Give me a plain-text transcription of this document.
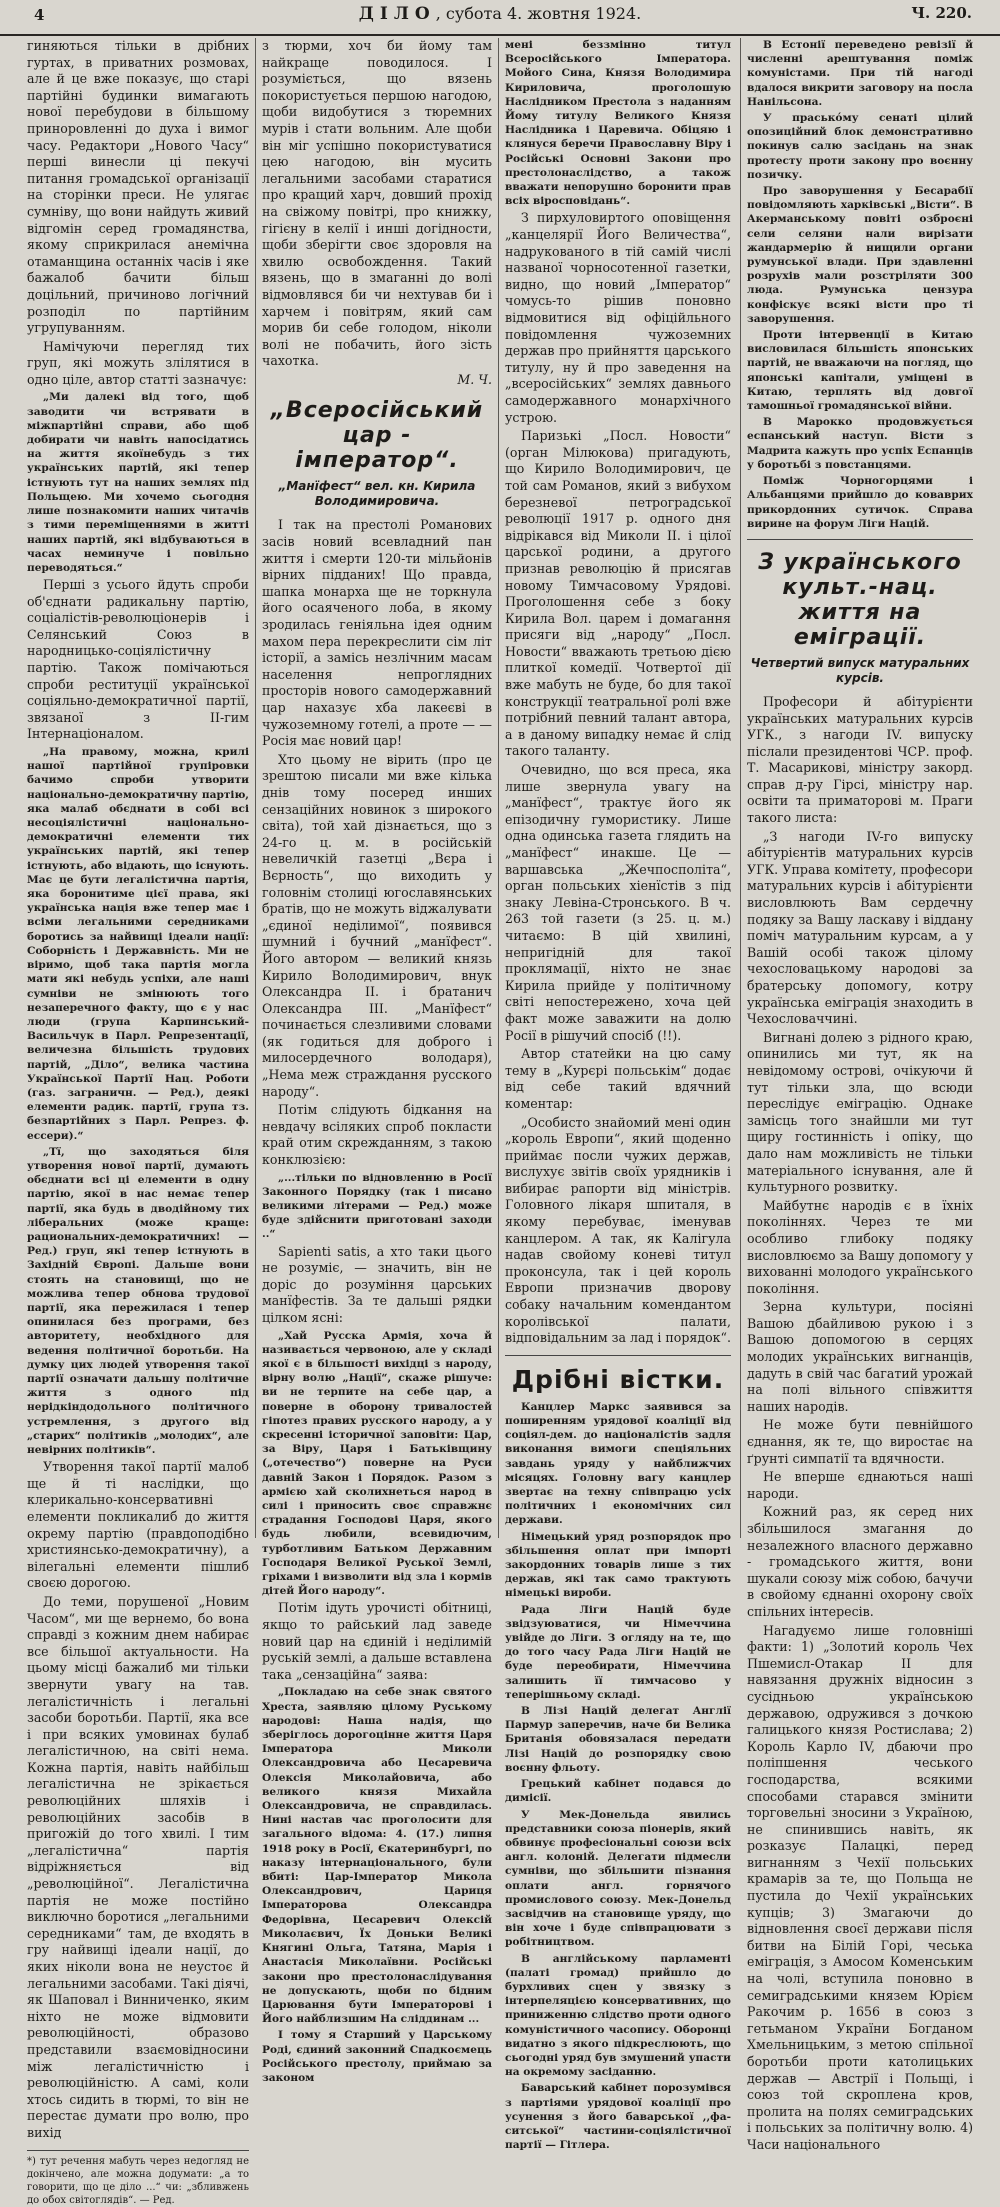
4	ДІЛО, субота 4. жовтня 1924.	Ч. 220.

гиняються тільки в дрібних гуртах, в приватних розмовах, але й це вже показує, що старі партійні будинки вимагають нової перебудови в більшому приноровленні до духа і вимог часу. Редактори „Нового Часу“ перші винесли ці пекучі питання громадської організації на сторінки преси. Не улягає сумніву, що вони найдуть живий відгомін серед громадянства, якому сприкрилася анемічна отаманщина останніх часів і яке бажалоб бачити більш доцільний, причиново логічний розподіл по партійним угрупуванням.

Намічуючи перегляд тих груп, які можуть злілятися в одно ціле, автор статті зазначує:

„Ми далекі від того, щоб заводити чи встрявати в міжпартійні справи, або щоб добирати чи навіть напосідатись на життя якоїнебудь з тих українських партій, які тепер істнують тут на наших землях під Польщею. Ми хочемо сьогодня лише познакомити наших читачів з тими переміщеннями в житті наших партій, які відбуваються в часах неминуче і повільно переводяться.“

Перші з усього йдуть спроби об'єднати радикальну партію, соціалістів-революціонерів і Селянський Союз в народницько-соціялістичну партію. Також помічаються спроби реституції української соціяльно-демократичної партії, звязаної з ІІ-гим Інтернаціоналом.

„На правому, можна, крилі нашої партійної групіровки бачимо спроби утворити національно-демократичну партію, яка малаб обєднати в собі всі несоціялістичні національно-демократичні елементи тих українських партій, які тепер істнують, або відають, що існують. Має це бути легалістична партія, яка боронитиме цієї права, які українська нація вже тепер має і всіми легальними середниками боротись за найвищі ідеали нації: Соборність і Державність. Ми не віримо, щоб така партія могла мати які небудь успіхи, але наші сумніви не змінюють того незаперечного факту, що є у нас люди (група Карпинський-Васильчук в Парл. Репрезентації, величезна більшість трудових партій, „Діло“, велика частина Української Партії Нац. Роботи (газ. заграничн. — Ред.), деякі елементи радик. партії, група тз. безпартійних з Парл. Репрез. ф. ессери).“

„Тї, що заходяться біля утворення нової партії, думають обєднати всі ці елементи в одну партію, якої в нас немає тепер партії, яка будь в дводійному тих ліберальних (може краще: рациональних-демократичних! — Ред.) груп, які тепер істнують в Західній Європі. Дальше вони стоять на становищі, що не можлива тепер обнова трудової партії, яка пережилася і тепер опинилася без програми, без авторитету, необхідного для ведення політичної боротьби. На думку цих людей утворення такої партії означати дальшу політичне життя з одного під нерідкіндодольного політичного устремлення, з другого від „старих“ політиків „молодих“, але невірних політиків“.

Утворення такої партії малоб ще й ті наслідки, що клерикально-консервативні елементи покликалиб до життя окрему партію (правдоподібно християнсько-демократичну), а вілегальні елементи пішлиб своєю дорогою.

До теми, порушеної „Новим Часом“, ми ще вернемо, бо вона справді з кожним днем набирає все більшої актуальности. На цьому місці бажалиб ми тільки звернути увагу на тав. легалістичність і легальні засоби боротьби. Партії, яка все і при всяких умовинах булаб легалістичною, на світі нема. Кожна партія, навіть найбільш легалістична не зрікається революційних шляхів і революційних засобів в пригожій до того хвилі. І тим „легалістична“ партія відріжняється від „революційної“. Легалістична партія не може постійно виключно боротися „легальними середниками“ там, де входять в гру найвищі ідеали нації, до яких ніколи вона не неустоє й легальними засобами. Такі діячі, як Шаповал і Винниченко, яким ніхто не може відмовити революційності, образово представили взаємовідносини між легалістичністю і революційністю. А самі, коли хтось сидить в тюрмі, то він не перестає думати про волю, про вихід

*) тут речення мабуть через недогляд не докінчено, але можна додумати: „а то говорити, що це діло ...“ чи: „збливжень до обох світоглядів“. — Ред.

з тюрми, хоч би йому там найкраще поводилося. І розуміється, що вязень покористується першою нагодою, щоби видобутися з тюремних мурів і стати вольним. Але щоби він міг успішно покористуватися цею нагодою, він мусить легальними засобами старатися про кращий харч, довший прохід на свіжому повітрі, про книжку, гігієну в келії і инші догідности, щоби зберігти своє здоровля на хвилю освобождення. Такий вязень, що в змаганні до волі відмовлявся би чи нехтував би і харчем і повітрям, який сам морив би себе голодом, ніколи волі не побачить, його зість чахотка.

М. Ч.
„Всеросійський цар - імператор“.
„Манїфест“ вел. кн. Кирила Володимировича.

І так на престолі Романових засів новий всевладний пан життя і смерти 120-ти мільйонів вірних підданих! Що правда, шапка монарха ще не торкнула його осаяченого лоба, в якому зродилась геніяльна ідея одним махом пера перекреслити сім літ історії, а замісь незлічним масам населення непроглядних просторів нового самодержавний цар нахазує хба лакеєві в чужоземному готелі, а проте — — Росія має новий цар!

Хто цьому не вірить (про це зрештою писали ми вже кілька днів тому посеред инших сензаційних новинок з широкого світа), той хай дізнається, що з 24-го ц. м. в російській невеличкій газетці „Вєра і Вєрность“, що виходить у головнім столиці югославянських братів, що не можуть віджалувати „єдиної неділимої“, появився шумний і бучний „манїфест“. Його автором — великий князь Кирило Володимирович, внук Олександра ІІ. і братанич Олександра ІІІ. „Манїфест“ починається слезливими словами (як годиться для доброго і милосердечного володаря), „Нема меж страждання русского народу“.

Потім слідують бідкання на невдачу всіляких спроб покласти край отим скрежданням, з такою конклюзією:

„...тільки по відновленню в Росії Законного Порядку (так і писано великими літерами — Ред.) може буде здійснити приготовані заходи ..“

Sapienti satis, а хто таки цього не розуміє, — значить, він не доріс до розуміння царських манїфестів. За те дальші рядки цілком ясні:

„Хай Русска Армія, хоча й називається червоною, але у складі якої є в більшості вихідці з народу, вірну волю „Нації“, скаже рішуче: ви не терпите на себе цар, а поверне в оборону тривалостей гіпотез правих русского народу, а у скресенні історичної заповіти: Цар, за Віру, Царя і Батьківщину („отечество“) поверне на Руси давній Закон і Порядок. Разом з армією хай сколихнеться народ в силі і приносить своє справжнє страдання Господові Царя, якого будь любили, всевидючим, турботливим Батьком Державним Господаря Великої Руської Землі, гріхами і визволити від зла і кормів дітей Його народу“.

Потім ідуть урочисті обітниці, якщо то райський лад заведе новий цар на єдиній і неділимій руській землі, а дальше вставлена така „сензаційна“ заява:

„Покладаю на себе знак святого Хреста, заявляю цілому Руському народові: Наша надія, що зберіглось дорогоцінне життя Царя Імператора Миколи Олександровича або Цесаревича Олексія Миколайовича, або великого князя Михайла Олександровича, не справдилась. Нині настав час проголосити для загального відома: 4. (17.) липня 1918 року в Росії, Єкатеринбургі, по наказу інтернаціонального, були вбиті: Цар-Імператор Микола Олександрович, Цариця Імператорова Олександра Федорівна, Цесаревич Олексій Миколаєвич, Їх Доньки Великі Княгині Ольга, Татяна, Марія і Анастасія Миколаївни. Російські закони про престолонаслідування не допускають, щоби по бідним Царювання бути Імператорові і Його найблизшим На сліддинам ...

І тому я Старший у Царському Роді, єдиний законний Спадкоємець Російського престолу, приймаю за законом

мені беззмінно титул Всеросійського Імператора. Мойого Сина, Князя Володимира Кириловича, проголошую Наслідником Престола з наданням Йому титулу Великого Князя Наслідника і Царевича. Обіцяю і клянуся беречи Православну Віру і Російські Основні Закони про престолонаслідство, а також вважати непорушно боронити прав всіх віросповідань“.

З пирхуловиртого оповіщення „канцелярії Його Величества“, надрукованого в тій самій числі названої чорносотенної газетки, видно, що новий „Імператор“ чомусь-то рішив поновно відмовитися від офіційльного повідомлення чужоземних держав про прийняття царського титулу, ну й про заведення на „всеросійських“ землях давнього самодержавного монархічного устрою.

Паризькі „Посл. Новости“ (орган Мілюкова) пригадують, що Кирило Володимирович, це той сам Романов, який з вибухом березневої петроградської революції 1917 р. одного дня відрікався від Миколи ІІ. і цілої царської родини, а другого признав революцію й присягав новому Тимчасовому Урядові. Проголошення себе з боку Кирила Вол. царем і домагання присяги від „народу“ „Посл. Новости“ вважають третьою дією плиткої комедії. Чотвертої дії вже мабуть не буде, бо для такої конструкції театральної ролі вже потрібний певний талант автора, а в даному випадку немає й слід такого таланту.

Очевидно, що вся преса, яка лише звернула увагу на „манїфест“, трактує його як епізодичну гумористику. Лише одна одинська газета глядить на „манїфест“ инакше. Це — варшавська „Жечпосполіта“, орган польських хіенїстів з під знаку Левіна-Стронського. В ч. 263 той газети (з 25. ц. м.) читаємо: В цій хвилині, непригідній для такої проклямації, ніхто не знає Кирила прийде у політичному світі непостережено, хоча цей факт може заважити на долю Росії в рішучий спосіб (!!).

Автор статейки на цю саму тему в „Курєрі польськім“ додає від себе такий вдячний коментар:

„Особисто знайомий мені один „король Европи“, який щоденно приймає посли чужих держав, вислухує звітів своїх урядників і вибирає рапорти від міністрів. Головного лікаря шпиталя, в якому перебуває, іменував канцлером. А так, як Калігула надав свойому коневі титул проконсула, так і цей король Европи призначив дворову собаку начальним комендантом королівської палати, відповідальним за лад і порядок“.

Дрібні вістки.

Канцлер Маркс заявився за поширенням урядової коаліції від соціял-дем. до націоналістів задля виконання вимоги спеціяльних завдань уряду у найближчих місяцях. Головну вагу канцлер звертає на техну співпрацю усіх політичних і економічних сил держави.

Німецький уряд розпорядок про збільшення оплат при імпорті закордонних товарів лише з тих держав, які так само трактують німецькі вироби.

Рада Ліги Націй	буде звідзуюватися, чи Німеччина увійде до Ліги. З огляду на те, що до того часу Рада Ліги Націй не буде переобирати, Німеччина залишить її тимчасово у теперішньому складі.

В Лізі Націй делегат Англії Пармур заперечив, наче би Велика Британія обовязалася передати Лізі Націй до розпорядку свою воєнну фльоту.

Грецький кабінет подався до димісії.

У Мек-Донельда	явились представники союза піонерів, який обвинує професіональні союзи всіх англ. колоній. Делегати підмесли сумніви, що збільшити пізнання оплати англ. горнячого промислового союзу. Мек-Донельд засвідчив на становище уряду, що він хоче і буде співпрацювати з робітництвом.

В англійському парламенті (палаті громад) прийшло до бурхливих сцен у звязку з інтерпеляцією консервативних, що приниженню слідство проти одного комуністичного часопису. Оборонці видатно з якого підкреслюють, що сьогодні уряд був змушений упасти на окремому засіданню.

Баварський кабінет порозумівся з партіями урядової коаліції про усунення з його баварської ,,фа-ситської“ частини-соціялістичної партії — Гітлера.

В Естонії переведено ревізії й численні арештування поміж комуністами. При тій нагоді вдалося викрити заговору на посла Нанільсона.

У прасько́му сенаті цілий опозиційний блок демонстративно покинув салю засідань на знак протесту проти закону про воєнну позичку.

Про заворушення у Бесарабії повідомляють харківські „Вісти“. В Акерманському повіті озброєні сели селяни нали вирізати жандармерію й нищили органи румунської влади. При здавленні розрухів мали розстріляти 300 люда. Румунська цензура конфіскує всякі вісти про ті заворушення.

Проти інтервенції в Китаю висловилася більшість японських партій, не вважаючи на погляд, що японські капітали, уміщені в Китаю, терплять від довгої тамошньої громадянської війни.

В Марокко продовжується еспанський наступ. Вісти з Мадрита кажуть про успіх Еспанців у боротьбі з повстанцями.

Поміж Чорногорцями і Альбанцями прийшло до коваврих прикордонних сутичок. Справа вирине на форум Ліги Націй.

З українського культ.-нац. життя на еміграції.
Четвертий випуск матуральних курсів.

Професори й абітурієнти українських матуральних курсів УГК., з нагоди IV. випуску післали президентові ЧСР. проф. Т. Масарикові, міністру закорд. справ д-ру Гірсі, міністру нар. освіти та приматорові м. Праги такого листа:

„З нагоди IV-го випуску абітурієнтів матуральних курсів УГК. Управа комітету, професори матуральних курсів і абітурієнти висловлюють Вам сердечну подяку за Вашу ласкаву і віддану поміч матуральним курсам, а у Вашій особі також цілому чехословацькому народові за братерську допомогу, котру українська еміграція знаходить в Чехословаччині.

Вигнані долею з рідного краю, опинились ми тут, як на невідомому острові, очікуючи й тут тільки зла, що всюди переслідує еміграцію. Однаке замісць того знайшли ми тут щиру гостинність і опіку, що дало нам можливість не тільки матеріального існування, але й культурного розвитку.

Майбутнє народів є в їхніх поколіннях. Через те ми особливо глибоку подяку висловлюємо за Вашу допомогу у вихованні молодого українського покоління.

Зерна культури, посіяні Вашою дбайливою рукою і з Вашою допомогою в серцях молодих українських вигнанців, дадуть в свій час багатий урожай на полі вільного співжиття наших народів.

Не може бути певнійшого єднання, як те, що виростає на ґрунті симпатії та вдячности.

Не вперше єднаються наші народи.

Кожний раз, як серед них збільшилося змагання до незалежного власного державно - громадського життя, вони шукали союзу між собою, бачучи в свойому єднанні охорону своїх спільних інтересів.

Нагадуємо лише головніші факти: 1) „Золотий король Чех Пшемисл-Отакар ІІ для навязання дружніх відносин з суcідньою українською державою, одружився з дочкою галицького князя Ростислава; 2) Король Карло IV, дбаючи про поліпшення чеського господарства, всякими способами старався змінити торговельні зносини з Україною, не спинившись навіть, як розказує Палацкі, перед вигнанням з Чехії польських крамарів за те, що Польща не пустила до Чехії українських купців; 3) Змагаючи до відновлення своєї держави після битви на Білій Горі, чеська еміграція, з Амосом Коменським на чолі, вступила поновно в семиградськими князем Юрієм Ракочим р. 1656 в союз з гетьманом України Богданом Хмельницьким, з метою спільної боротьби проти католицьких держав — Австрії і Польщі, і союз той скроплена кров, пролита на полях семиградських і польських за політичну волю. 4) Часи національного
